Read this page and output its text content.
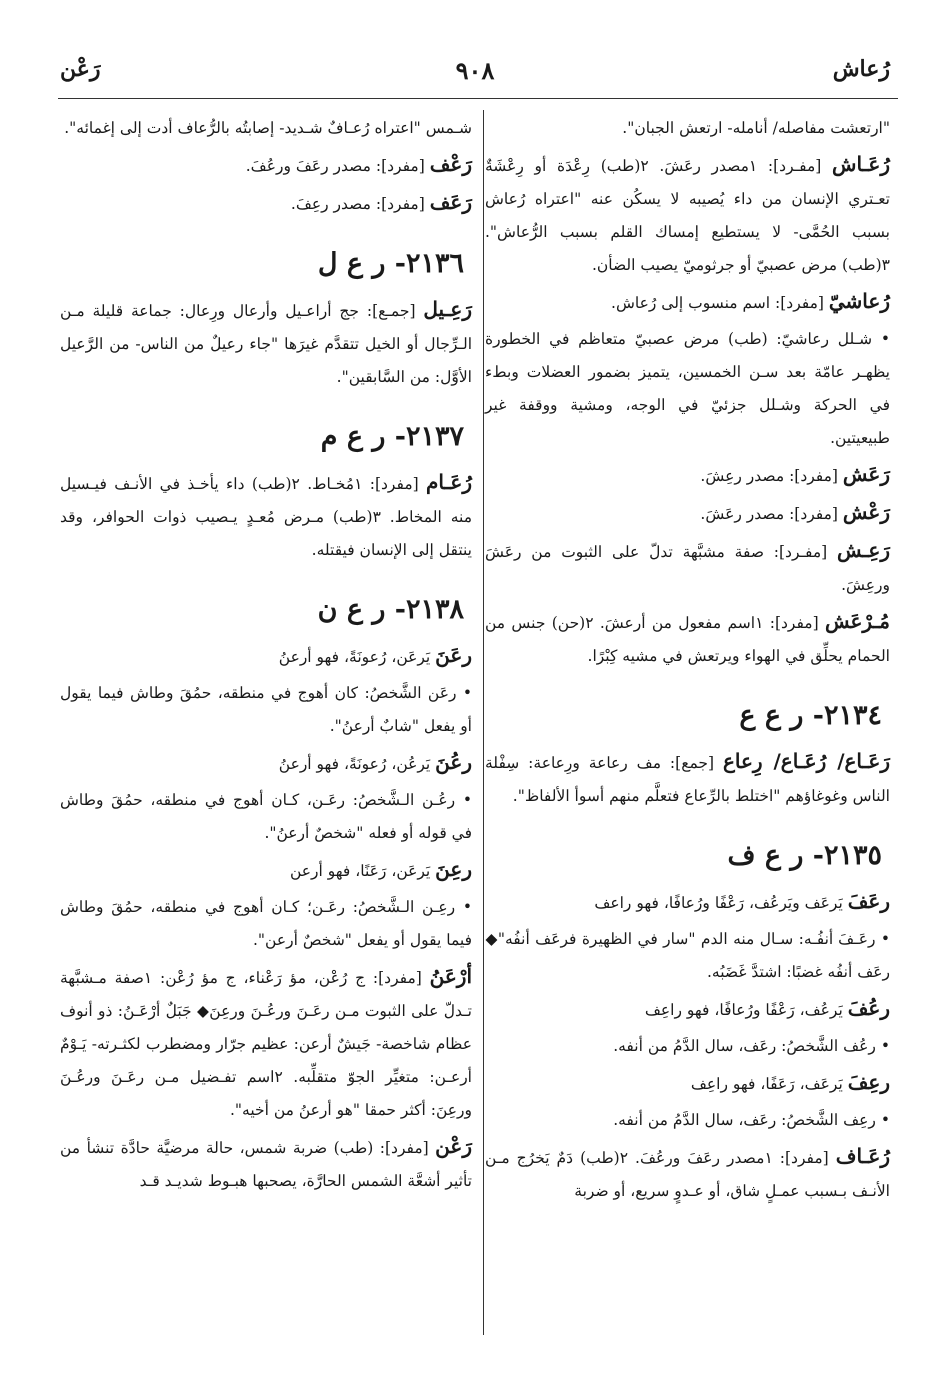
رُعاش
٩٠٨
رَعْن

"ارتعشت مفاصله/ أنامله- ارتعش الجبان".

رُعَـاش [مفـرد]: ١مصدر رعَشَ. ٢(طب) رِعْدَة أو رِعْشَةٌ تعـتري الإنسان من داء يُصيبه لا يسكُن عنه "اعتراه رُعاش بسبب الحُمَّى- لا يستطيع إمساك القلم بسبب الرُّعاش". ٣(طب) مرض عصبيّ أو جرثوميّ يصيب الضأن.

رُعاشيّ [مفرد]: اسم منسوب إلى رُعاش.

• شـلل رعاشيّ: (طب) مرض عصبيّ متعاظم في الخطورة يظهـر عامّة بعد سـن الخمسين، يتميز بضمور العضلات وبطء في الحركة وشـلل جزئيّ في الوجه، ومشية ووقفة غير طبيعيتين.

رَعَش [مفرد]: مصدر رعِشَ.

رَعْش [مفرد]: مصدر رعَشَ.

رَعِـش [مفـرد]: صفة مشبَّهة تدلّ على الثبوت من رعَشَ ورعِشَ.

مُـرْعَش [مفرد]: ١اسم مفعول من أرعشَ. ٢(حن) جنس من الحمام يحلِّق في الهواء ويرتعش في مشيه كِبْرًا.

٢١٣٤- ر ع ع

رَعَـاع/ رُعَـاع/ رِعاع [جمع]: مف رعاعة ورِعاعة: سِفْلة الناس وغوغاؤهم "اختلط بالرِّعاع فتعلَّم منهم أسوأ الألفاظ".

٢١٣٥- ر ع ف

رعَفَ يَرعَف ويَرعُف، رَعْفًا ورُعافًا، فهو راعف

• رعَـفَ أنفُـه: سـال منه الدم "سار في الظهيرة فرعَف أنفُه"◆ رعَف أنفُه غضبًا: اشتدَّ غَضَبُه.

رعُفَ يَرعُف، رَعْفًا ورُعافًا، فهو راعِف

• رعُف الشَّخصُ: رعَف، سال الدَّمُ من أنفه.

رعِفَ يَرعَف، رَعَفًا، فهو راعِف

• رعِف الشَّخصُ: رعَف، سال الدَّمُ من أنفه.

رُعَـاف [مفرد]: ١مصدر رعَفَ ورعُفَ. ٢(طب) دَمٌ يَخرُج مـن الأنـف بـسبب عمـلٍ شاق، أو عـدوٍ سريع، أو ضربة

شـمس "اعتراه رُعـافٌ شـديد- إصابتُه بالرُّعاف أدت إلى إغمائه".

رَعْف [مفرد]: مصدر رعَفَ ورعُفَ.

رَعَف [مفرد]: مصدر رعِفَ.

٢١٣٦- ر ع ل

رَعِـيل [جمـع]: جج أراعـيل وأرعال ورِعال: جماعة قليلة مـن الـرِّجال أو الخيل تتقدَّم غيرَها "جاء رعيلٌ من الناس- من الرَّعيل الأوَّل: من السَّابقين".

٢١٣٧- ر ع م

رُعَـام [مفرد]: ١مُخـاط. ٢(طب) داء يأخـذ في الأنـف فيـسيل منه المخاط. ٣(طب) مـرض مُعـدٍ يـصيب ذوات الحوافر، وقد ينتقل إلى الإنسان فيقتله.

٢١٣٨- ر ع ن

رعَنَ يَرعَن، رُعونَةً، فهو أرعنُ

• رعَن الشَّخصُ: كان أهوج في منطقه، حمُقَ وطاش فيما يقول أو يفعل "شابٌ أرعنُ".

رعُنَ يَرعُن، رُعونَةً، فهو أرعنُ

• رعُـن الـشَّخصُ: رعَـن، كـان أهوج في منطقه، حمُقَ وطاش في قوله أو فعله "شخصٌ أرعنُ".

رعِنَ يَرعَن، رَعَنًا، فهو أرعن

• رعِـن الـشَّخصُ: رعَـن؛ كـان أهوج في منطقه، حمُقَ وطاش فيما يقول أو يفعل "شخصٌ أرعن".

أرْعَنُ [مفرد]: ج رُعْن، مؤ رَعْناء، ج مؤ رُعْن: ١صفة مـشبَّهة تـدلّ على الثبوت مـن رعَـنَ ورعُـنَ ورعِنَ◆ جَبَلٌ أرْعَـنُ: ذو أنوف عظام شاخصة- جَيشٌ أرعن: عظيم جرّار ومضطرب لكثـرته- يَـوْمٌ أرعـن: متغيِّر الجوّ متقلِّبه. ٢اسم تفـضيل مـن رعَـنَ ورعُـنَ ورعِنَ: أكثر حمقا "هو أرعنُ من أخيه".

رَعْن [مفرد]: (طب) ضربة شمس، حالة مرضيَّة حادَّة تنشأ من تأثير أشعَّة الشمس الحارَّة، يصحبها هبـوط شديـد قـد
